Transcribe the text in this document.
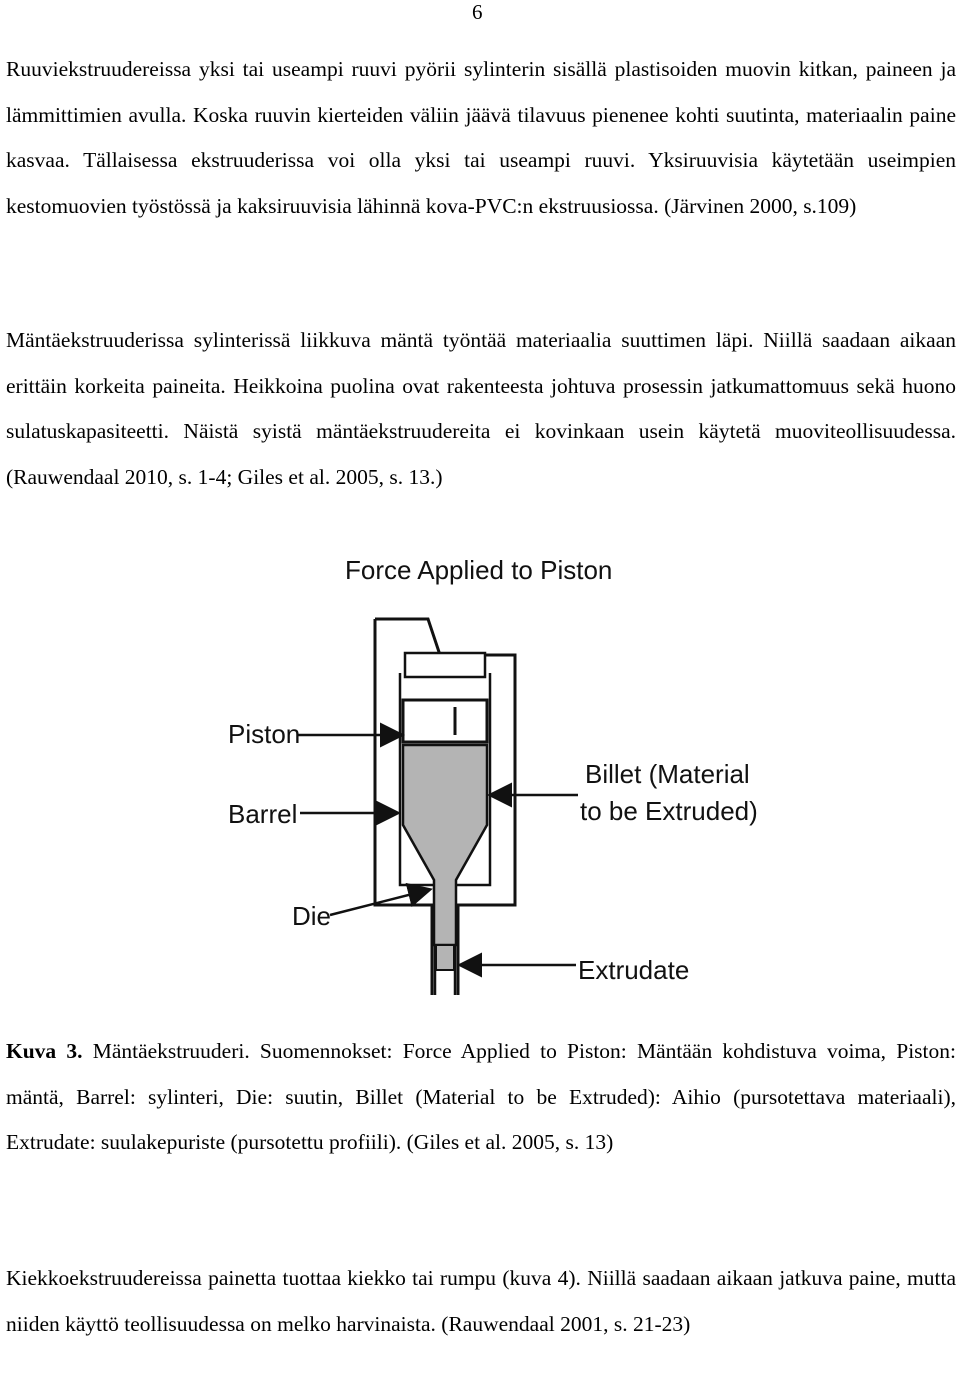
6

Ruuviekstruudereissa yksi tai useampi ruuvi pyörii sylinterin sisällä plastisoiden muovin kitkan, paineen ja lämmittimien avulla. Koska ruuvin kierteiden väliin jäävä tilavuus pienenee kohti suutinta, materiaalin paine kasvaa. Tällaisessa ekstruuderissa voi olla yksi tai useampi ruuvi. Yksiruuvisia käytetään useimpien kestomuovien työstössä ja kaksiruuvisia lähinnä kova-PVC:n ekstruusiossa. (Järvinen 2000, s.109)

Mäntäekstruuderissa sylinterissä liikkuva mäntä työntää materiaalia suuttimen läpi. Niillä saadaan aikaan erittäin korkeita paineita. Heikkoina puolina ovat rakenteesta johtuva prosessin jatkumattomuus sekä huono sulatuskapasiteetti. Näistä syistä mäntäekstruudereita ei kovinkaan usein käytetä muoviteollisuudessa. (Rauwendaal 2010, s. 1-4; Giles et al. 2005, s. 13.)

Force Applied to Piston
Piston
Barrel
Die
Billet (Material
to be Extruded)
Extrudate

Kuva 3. Mäntäekstruuderi. Suomennokset: Force Applied to Piston: Mäntään kohdistuva voima, Piston: mäntä, Barrel: sylinteri, Die: suutin, Billet (Material to be Extruded): Aihio (pursotettava materiaali), Extrudate: suulakepuriste (pursotettu profiili). (Giles et al. 2005, s. 13)

Kiekkoekstruudereissa painetta tuottaa kiekko tai rumpu (kuva 4). Niillä saadaan aikaan jatkuva paine, mutta niiden käyttö teollisuudessa on melko harvinaista. (Rauwendaal 2001, s. 21-23)
